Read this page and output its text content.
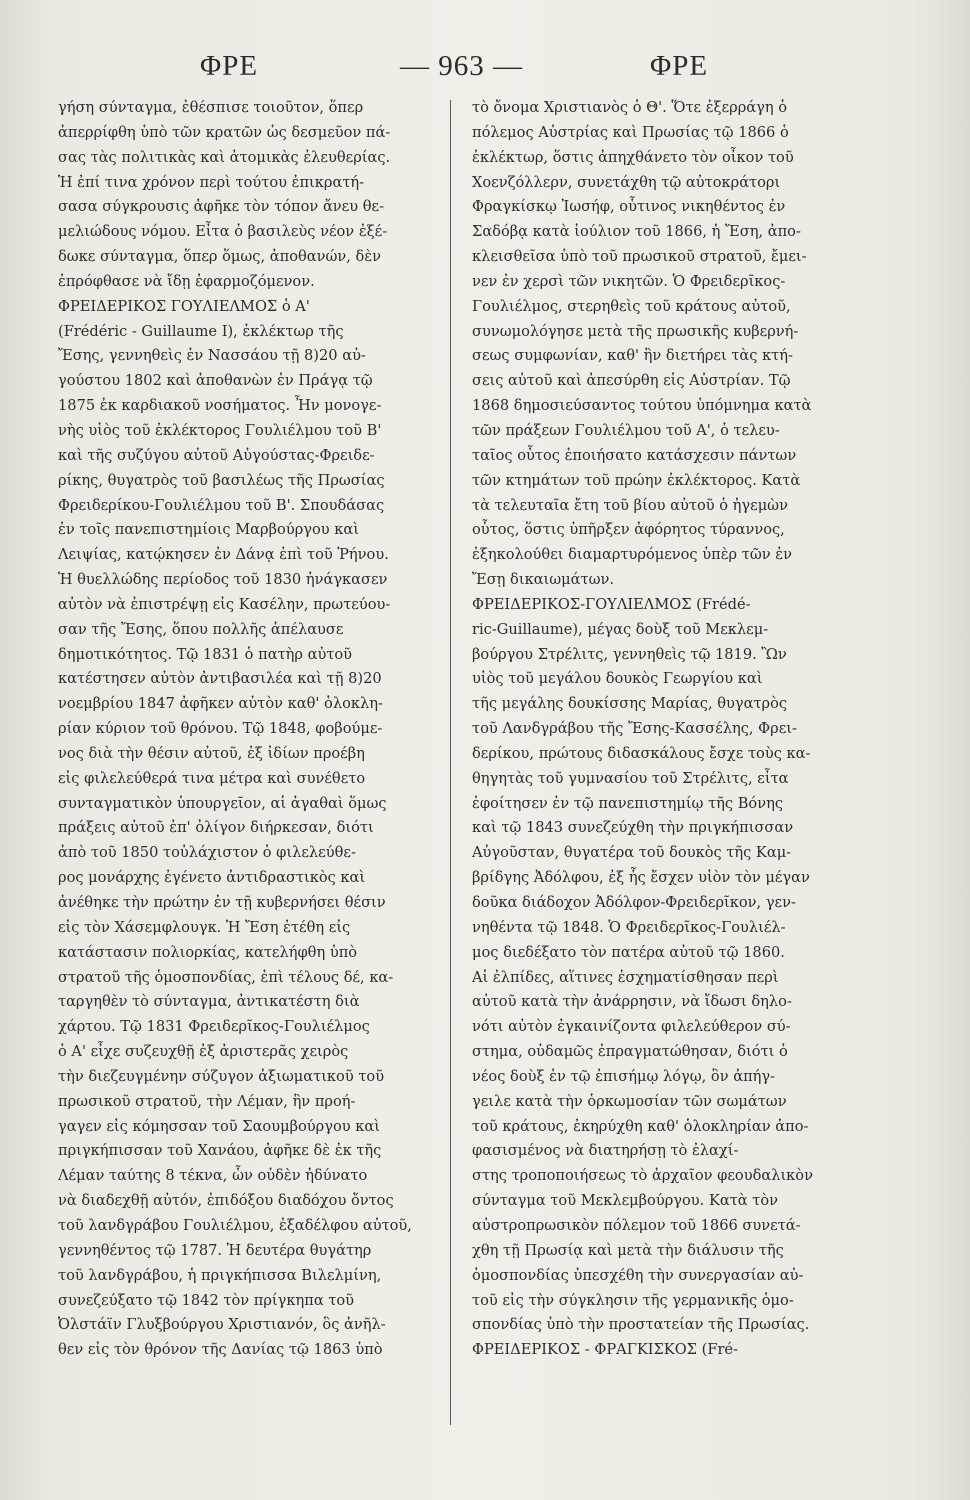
ΦΡΕ	— 963 —	ΦΡΕ
γήση σύνταγμα, ἐθέσπισε τοιοῦτον, ὅπερ
ἀπερρίφθη ὑπὸ τῶν κρατῶν ὡς δεσμεῦον πά-
σας τὰς πολιτικὰς καὶ ἀτομικὰς ἐλευθερίας.
Ἡ ἐπί τινα χρόνον περὶ τούτου ἐπικρατή-
σασα σύγκρουσις ἀφῆκε τὸν τόπον ἄνευ θε-
μελιώδους νόμου. Εἶτα ὁ βασιλεὺς νέον ἐξέ-
δωκε σύνταγμα, ὅπερ ὅμως, ἀποθανών, δὲν
ἐπρόφθασε νὰ ἴδῃ ἐφαρμοζόμενον.
ΦΡΕΙΔΕΡΙΚΟΣ ΓΟΥΛΙΕΛΜΟΣ ὁ Α'
(Frédéric - Guillaume I), ἐκλέκτωρ τῆς
Ἔσης, γεννηθεὶς ἐν Νασσάου τῇ 8)20 αὐ-
γούστου 1802 καὶ ἀποθανὼν ἐν Πράγᾳ τῷ
1875 ἐκ καρδιακοῦ νοσήματος. Ἦν μονογε-
νὴς υἱὸς τοῦ ἐκλέκτορος Γουλιέλμου τοῦ Β'
καὶ τῆς συζύγου αὐτοῦ Αὐγούστας-Φρειδε-
ρίκης, θυγατρὸς τοῦ βασιλέως τῆς Πρωσίας
Φρειδερίκου-Γουλιέλμου τοῦ Β'. Σπουδάσας
ἐν τοῖς πανεπιστημίοις Μαρβούργου καὶ
Λειψίας, κατῴκησεν ἐν Δάνᾳ ἐπὶ τοῦ Ῥήνου.
Ἡ θυελλώδης περίοδος τοῦ 1830 ἠνάγκασεν
αὐτὸν νὰ ἐπιστρέψῃ εἰς Κασέλην, πρωτεύου-
σαν τῆς Ἔσης, ὅπου πολλῆς ἀπέλαυσε
δημοτικότητος. Τῷ 1831 ὁ πατὴρ αὐτοῦ
κατέστησεν αὐτὸν ἀντιβασιλέα καὶ τῇ 8)20
νοεμβρίου 1847 ἀφῆκεν αὐτὸν καθ' ὁλοκλη-
ρίαν κύριον τοῦ θρόνου. Τῷ 1848, φοβούμε-
νος διὰ τὴν θέσιν αὐτοῦ, ἐξ ἰδίων προέβη
εἰς φιλελεύθερά τινα μέτρα καὶ συνέθετο
συνταγματικὸν ὑπουργεῖον, αἱ ἀγαθαὶ ὅμως
πράξεις αὐτοῦ ἐπ' ὀλίγον διήρκεσαν, διότι
ἀπὸ τοῦ 1850 τοὐλάχιστον ὁ φιλελεύθε-
ρος μονάρχης ἐγένετο ἀντιδραστικὸς καὶ
ἀνέθηκε τὴν πρώτην ἐν τῇ κυβερνήσει θέσιν
εἰς τὸν Χάσεμφλουγκ. Ἡ Ἔση ἐτέθη εἰς
κατάστασιν πολιορκίας, κατελήφθη ὑπὸ
στρατοῦ τῆς ὁμοσπονδίας, ἐπὶ τέλους δέ, κα-
ταργηθὲν τὸ σύνταγμα, ἀντικατέστη διὰ
χάρτου. Τῷ 1831 Φρειδερῖκος-Γουλιέλμος
ὁ Α' εἶχε συζευχθῇ ἐξ ἀριστερᾶς χειρὸς
τὴν διεζευγμένην σύζυγον ἀξιωματικοῦ τοῦ
πρωσικοῦ στρατοῦ, τὴν Λέμαν, ἣν προή-
γαγεν εἰς κόμησσαν τοῦ Σαουμβούργου καὶ
πριγκήπισσαν τοῦ Χανάου, ἀφῆκε δὲ ἐκ τῆς
Λέμαν ταύτης 8 τέκνα, ὧν οὐδὲν ἠδύνατο
νὰ διαδεχθῇ αὐτόν, ἐπιδόξου διαδόχου ὄντος
τοῦ λανδγράβου Γουλιέλμου, ἐξαδέλφου αὐτοῦ,
γεννηθέντος τῷ 1787. Ἡ δευτέρα θυγάτηρ
τοῦ λανδγράβου, ἡ πριγκήπισσα Βιλελμίνη,
συνεζεύξατο τῷ 1842 τὸν πρίγκηπα τοῦ
Ὀλστάϊν Γλυξβούργου Χριστιανόν, ὃς ἀνῆλ-
θεν εἰς τὸν θρόνον τῆς Δανίας τῷ 1863 ὑπὸ
τὸ ὄνομα Χριστιανὸς ὁ Θ'. Ὅτε ἐξερράγη ὁ
πόλεμος Αὐστρίας καὶ Πρωσίας τῷ 1866 ὁ
ἐκλέκτωρ, ὅστις ἀπηχθάνετο τὸν οἶκον τοῦ
Χοενζόλλερν, συνετάχθη τῷ αὐτοκράτορι
Φραγκίσκῳ Ἰωσήφ, οὗτινος νικηθέντος ἐν
Σαδόβᾳ κατὰ ἰούλιον τοῦ 1866, ἡ Ἔση, ἀπο-
κλεισθεῖσα ὑπὸ τοῦ πρωσικοῦ στρατοῦ, ἔμει-
νεν ἐν χερσὶ τῶν νικητῶν. Ὁ Φρειδερῖκος-
Γουλιέλμος, στερηθεὶς τοῦ κράτους αὐτοῦ,
συνωμολόγησε μετὰ τῆς πρωσικῆς κυβερνή-
σεως συμφωνίαν, καθ' ἣν διετήρει τὰς κτή-
σεις αὐτοῦ καὶ ἀπεσύρθη εἰς Αὐστρίαν. Τῷ
1868 δημοσιεύσαντος τούτου ὑπόμνημα κατὰ
τῶν πράξεων Γουλιέλμου τοῦ Α', ὁ τελευ-
ταῖος οὗτος ἐποιήσατο κατάσχεσιν πάντων
τῶν κτημάτων τοῦ πρώην ἐκλέκτορος. Κατὰ
τὰ τελευταῖα ἔτη τοῦ βίου αὐτοῦ ὁ ἡγεμὼν
οὗτος, ὅστις ὑπῆρξεν ἀφόρητος τύραννος,
ἐξηκολούθει διαμαρτυρόμενος ὑπὲρ τῶν ἐν
Ἔσῃ δικαιωμάτων.
ΦΡΕΙΔΕΡΙΚΟΣ-ΓΟΥΛΙΕΛΜΟΣ (Frédé-
ric-Guillaume), μέγας δοὺξ τοῦ Μεκλεμ-
βούργου Στρέλιτς, γεννηθεὶς τῷ 1819. Ὢν
υἱὸς τοῦ μεγάλου δουκὸς Γεωργίου καὶ
τῆς μεγάλης δουκίσσης Μαρίας, θυγατρὸς
τοῦ Λανδγράβου τῆς Ἔσης-Κασσέλης, Φρει-
δερίκου, πρώτους διδασκάλους ἔσχε τοὺς κα-
θηγητὰς τοῦ γυμνασίου τοῦ Στρέλιτς, εἶτα
ἐφοίτησεν ἐν τῷ πανεπιστημίῳ τῆς Βόνης
καὶ τῷ 1843 συνεζεύχθη τὴν πριγκήπισσαν
Αὐγοῦσταν, θυγατέρα τοῦ δουκὸς τῆς Καμ-
βρίδγης Ἀδόλφου, ἐξ ἧς ἔσχεν υἱὸν τὸν μέγαν
δοῦκα διάδοχον Ἀδόλφον-Φρειδερῖκον, γεν-
νηθέντα τῷ 1848. Ὁ Φρειδερῖκος-Γουλιέλ-
μος διεδέξατο τὸν πατέρα αὐτοῦ τῷ 1860.
Αἱ ἐλπίδες, αἵτινες ἐσχηματίσθησαν περὶ
αὐτοῦ κατὰ τὴν ἀνάρρησιν, νὰ ἴδωσι δηλο-
νότι αὐτὸν ἐγκαινίζοντα φιλελεύθερον σύ-
στημα, οὐδαμῶς ἐπραγματώθησαν, διότι ὁ
νέος δοὺξ ἐν τῷ ἐπισήμῳ λόγῳ, ὃν ἀπήγ-
γειλε κατὰ τὴν ὁρκωμοσίαν τῶν σωμάτων
τοῦ κράτους, ἐκηρύχθη καθ' ὁλοκληρίαν ἀπο-
φασισμένος νὰ διατηρήσῃ τὸ ἐλαχί-
στης τροποποιήσεως τὸ ἀρχαῖον φεουδαλικὸν
σύνταγμα τοῦ Μεκλεμβούργου. Κατὰ τὸν
αὐστροπρωσικὸν πόλεμον τοῦ 1866 συνετά-
χθη τῇ Πρωσίᾳ καὶ μετὰ τὴν διάλυσιν τῆς
ὁμοσπονδίας ὑπεσχέθη τὴν συνεργασίαν αὐ-
τοῦ εἰς τὴν σύγκλησιν τῆς γερμανικῆς ὁμο-
σπονδίας ὑπὸ τὴν προστατείαν τῆς Πρωσίας.
ΦΡΕΙΔΕΡΙΚΟΣ - ΦΡΑΓΚΙΣΚΟΣ (Fré-
